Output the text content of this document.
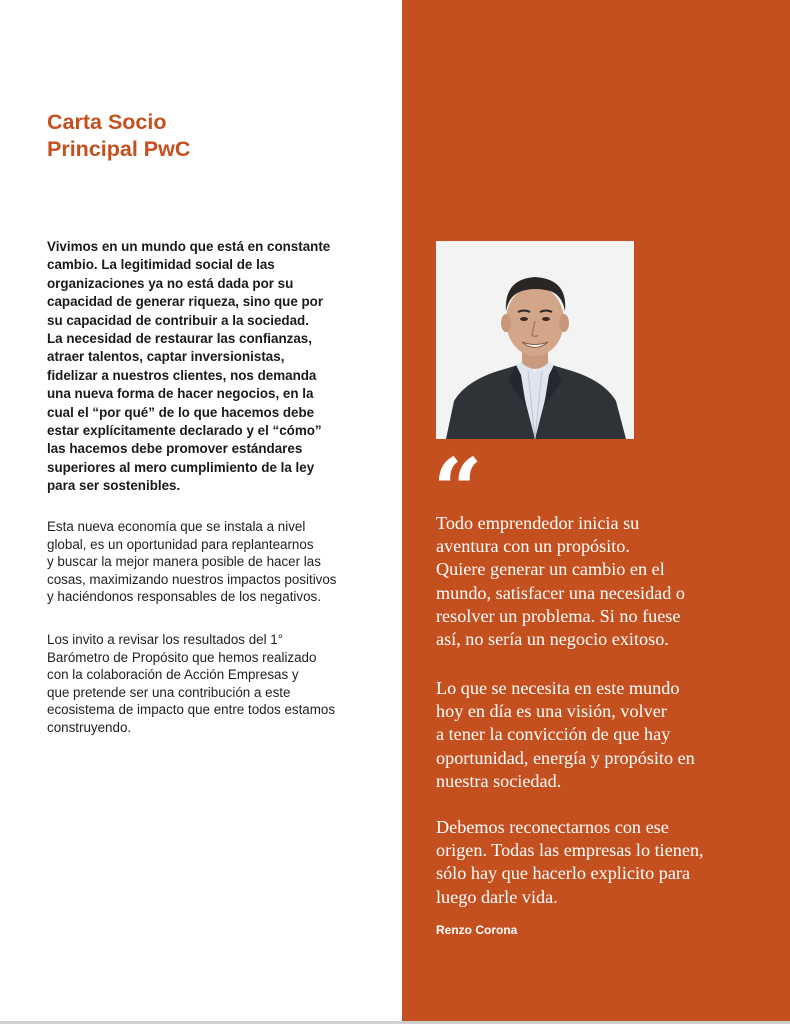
Carta Socio
Principal PwC

Vivimos en un mundo que está en constante
cambio. La legitimidad social de las
organizaciones ya no está dada por su
capacidad de generar riqueza, sino que por
su capacidad de contribuir a la sociedad.
La necesidad de restaurar las confianzas,
atraer talentos, captar inversionistas,
fidelizar a nuestros clientes, nos demanda
una nueva forma de hacer negocios, en la
cual el “por qué” de lo que hacemos debe
estar explícitamente declarado y el “cómo”
las hacemos debe promover estándares
superiores al mero cumplimiento de la ley
para ser sostenibles.

Esta nueva economía que se instala a nivel
global, es un oportunidad para replantearnos
y buscar la mejor manera posible de hacer las
cosas, maximizando nuestros impactos positivos
y haciéndonos responsables de los negativos.

Los invito a revisar los resultados del 1°
Barómetro de Propósito que hemos realizado
con la colaboración de Acción Empresas y
que pretende ser una contribución a este
ecosistema de impacto que entre todos estamos
construyendo.

“

Todo emprendedor inicia su
aventura con un propósito.
Quiere generar un cambio en el
mundo, satisfacer una necesidad o
resolver un problema. Si no fuese
así, no sería un negocio exitoso.

Lo que se necesita en este mundo
hoy en día es una visión, volver
a tener la convicción de que hay
oportunidad, energía y propósito en
nuestra sociedad.

Debemos reconectarnos con ese
origen. Todas las empresas lo tienen,
sólo hay que hacerlo explicito para
luego darle vida.

Renzo Corona
